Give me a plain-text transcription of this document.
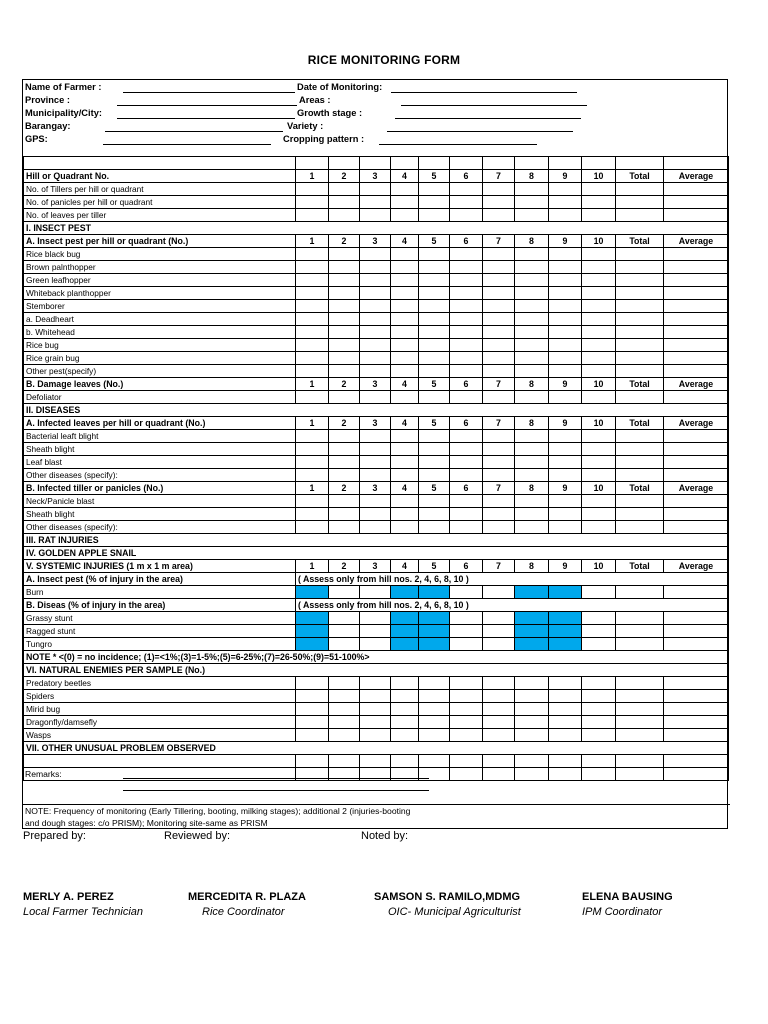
RICE MONITORING FORM
Name of Farmer :	Date of Monitoring:
Province :	Areas :
Municipality/City:	Growth stage :
Barangay:	Variety :
GPS:	Cropping pattern :

Hill or Quadrant No.	1	2	3	4	5	6	7	8	9	10	Total	Average
No. of Tillers per hill or quadrant												
No. of panicles per hill or quadrant												
No. of leaves per tiller												
I. INSECT PEST												
A. Insect pest per hill or quadrant (No.)	1	2	3	4	5	6	7	8	9	10	Total	Average
Rice black bug												
Brown palnthopper												
Green leafhopper												
Whiteback planthopper												
Stemborer												
a. Deadheart												
b. Whitehead												
Rice bug												
Rice grain bug												
Other pest(specify)												
B. Damage leaves (No.)	1	2	3	4	5	6	7	8	9	10	Total	Average
Defoliator												
II. DISEASES												
A. Infected leaves per hill or quadrant (No.)	1	2	3	4	5	6	7	8	9	10	Total	Average
Bacterial leaft blight												
Sheath blight												
Leaf blast												
Other diseases (specify):												
B. Infected tiller or panicles (No.)	1	2	3	4	5	6	7	8	9	10	Total	Average
Neck/Panicle blast												
Sheath blight												
Other diseases (specify):												
III. RAT INJURIES												
IV. GOLDEN APPLE SNAIL												
V. SYSTEMIC INJURIES (1 m x 1 m area)	1	2	3	4	5	6	7	8	9	10	Total	Average
A. Insect pest (% of injury in the area)	( Assess only from hill nos. 2, 4, 6, 8, 10 )											
Burn												
B. Diseas (% of injury in the area)	( Assess only from hill nos. 2, 4, 6, 8, 10 )											
Grassy stunt												
Ragged stunt												
Tungro												
NOTE * <(0) = no incidence; (1)=<1%;(3)=1-5%;(5)=6-25%;(7)=26-50%;(9)=51-100%>												
VI. NATURAL ENEMIES PER SAMPLE (No.)												
Predatory beetles												
Spiders												
Mirid bug												
Dragonfly/damsefly												
Wasps												
VII. OTHER UNUSUAL PROBLEM OBSERVED												

Remarks:
NOTE: Frequency of monitoring (Early Tillering, booting, milking stages); additional 2 (injuries-booting
and dough stages: c/o PRISM); Monitoring site-same as PRISM
Prepared by:	Reviewed by:	Noted by:
MERLY A. PEREZ
Local Farmer Technician
MERCEDITA R. PLAZA
Rice Coordinator
SAMSON S. RAMILO,MDMG
OIC- Municipal Agriculturist
ELENA BAUSING
IPM Coordinator
